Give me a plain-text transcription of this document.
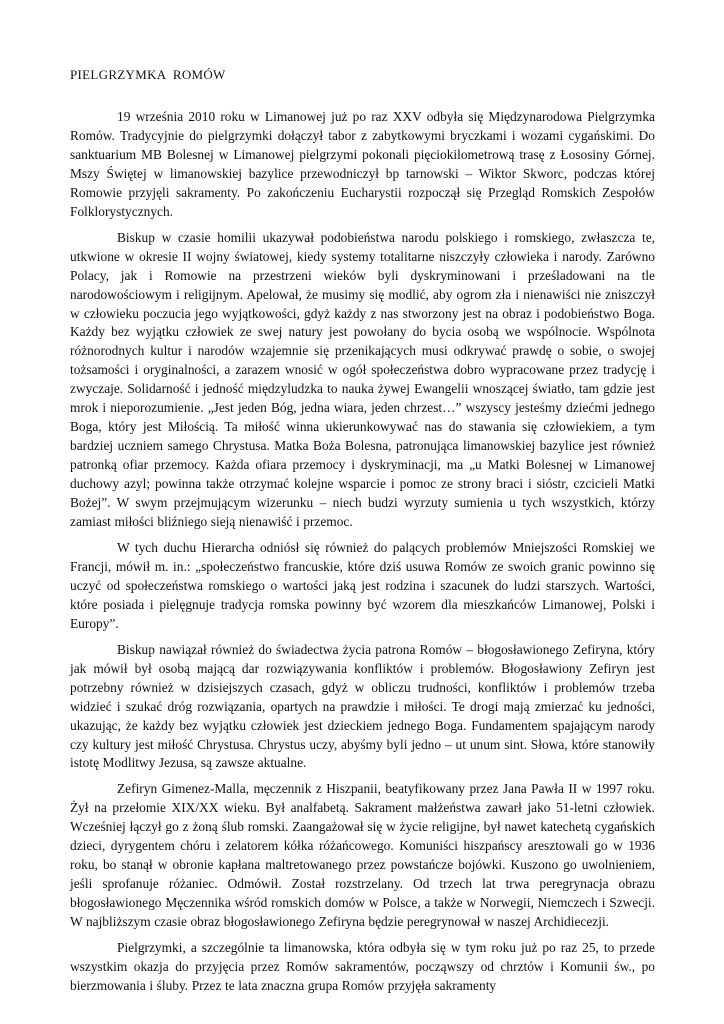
PIELGRZYMKA  ROMÓW

19 września 2010 roku w Limanowej już po raz XXV odbyła się Międzynarodowa Pielgrzymka Romów. Tradycyjnie do pielgrzymki dołączył tabor z zabytkowymi bryczkami i wozami cygańskimi. Do sanktuarium MB Bolesnej w Limanowej pielgrzymi pokonali pięciokilometrową trasę z Łososiny Górnej. Mszy Świętej w limanowskiej bazylice przewodniczył bp tarnowski – Wiktor Skworc, podczas której Romowie przyjęli sakramenty. Po zakończeniu Eucharystii rozpoczął się Przegląd Romskich Zespołów Folklorystycznych.

Biskup w czasie homilii ukazywał podobieństwa narodu polskiego i romskiego, zwłaszcza te, utkwione w okresie II wojny światowej, kiedy systemy totalitarne niszczyły człowieka i narody. Zarówno Polacy, jak i Romowie na przestrzeni wieków byli dyskryminowani i prześladowani na tle narodowościowym i religijnym. Apelował, że musimy się modlić, aby ogrom zła i nienawiści nie zniszczył w człowieku poczucia jego wyjątkowości, gdyż każdy z nas stworzony jest na obraz i podobieństwo Boga. Każdy bez wyjątku człowiek ze swej natury jest powołany do bycia osobą we wspólnocie. Wspólnota różnorodnych kultur i narodów wzajemnie się przenikających musi odkrywać prawdę o sobie, o swojej tożsamości i oryginalności, a zarazem wnosić w ogół społeczeństwa dobro wypracowane przez tradycję i zwyczaje. Solidarność i jedność międzyludzka to nauka żywej Ewangelii wnoszącej światło, tam gdzie jest mrok i nieporozumienie. „Jest jeden Bóg, jedna wiara, jeden chrzest…” wszyscy jesteśmy dziećmi jednego Boga, który jest Miłością. Ta miłość winna ukierunkowywać nas do stawania się człowiekiem, a tym bardziej uczniem samego Chrystusa. Matka Boża Bolesna, patronująca limanowskiej bazylice jest również patronką ofiar przemocy. Każda ofiara przemocy i dyskryminacji, ma „u Matki Bolesnej w Limanowej duchowy azyl; powinna także otrzymać kolejne wsparcie i pomoc ze strony braci i sióstr, czcicieli Matki Bożej”. W swym przejmującym wizerunku – niech budzi wyrzuty sumienia u tych wszystkich, którzy zamiast miłości bliźniego sieją nienawiść i przemoc.

W tych duchu Hierarcha odniósł się również do palących problemów Mniejszości Romskiej we Francji, mówił m. in.: „społeczeństwo francuskie, które dziś usuwa Romów ze swoich granic powinno się uczyć od społeczeństwa romskiego o wartości jaką jest rodzina i szacunek do ludzi starszych. Wartości, które posiada i pielęgnuje tradycja romska powinny być wzorem dla mieszkańców Limanowej, Polski i Europy”.

Biskup nawiązał również do świadectwa życia patrona Romów – błogosławionego Zefiryna, który jak mówił był osobą mającą dar rozwiązywania konfliktów i problemów. Błogosławiony Zefiryn jest potrzebny również w dzisiejszych czasach, gdyż w obliczu trudności, konfliktów i problemów trzeba widzieć i szukać dróg rozwiązania, opartych na prawdzie i miłości. Te drogi mają zmierzać ku jedności, ukazując, że każdy bez wyjątku człowiek jest dzieckiem jednego Boga. Fundamentem spajającym narody czy kultury jest miłość Chrystusa. Chrystus uczy, abyśmy byli jedno – ut unum sint. Słowa, które stanowiły istotę Modlitwy Jezusa, są zawsze aktualne.

Zefiryn Gimenez-Malla, męczennik z Hiszpanii, beatyfikowany przez Jana Pawła II w 1997 roku. Żył na przełomie XIX/XX wieku. Był analfabetą. Sakrament małżeństwa zawarł jako 51-letni człowiek. Wcześniej łączył go z żoną ślub romski. Zaangażował się w życie religijne, był nawet katechetą cygańskich dzieci, dyrygentem chóru i zelatorem kółka różańcowego. Komuniści hiszpańscy aresztowali go w 1936 roku, bo stanął w obronie kapłana maltretowanego przez powstańcze bojówki. Kuszono go uwolnieniem, jeśli sprofanuje różaniec. Odmówił. Został rozstrzelany. Od trzech lat trwa peregrynacja obrazu błogosławionego Męczennika wśród romskich domów w Polsce, a także w Norwegii, Niemczech i Szwecji. W najbliższym czasie obraz błogosławionego Zefiryna będzie peregrynował w naszej Archidiecezji.

Pielgrzymki, a szczególnie ta limanowska, która odbyła się w tym roku już po raz 25, to przede wszystkim okazja do przyjęcia przez Romów sakramentów, począwszy od chrztów i Komunii św., po bierzmowania i śluby. Przez te lata znaczna grupa Romów przyjęła sakramenty
